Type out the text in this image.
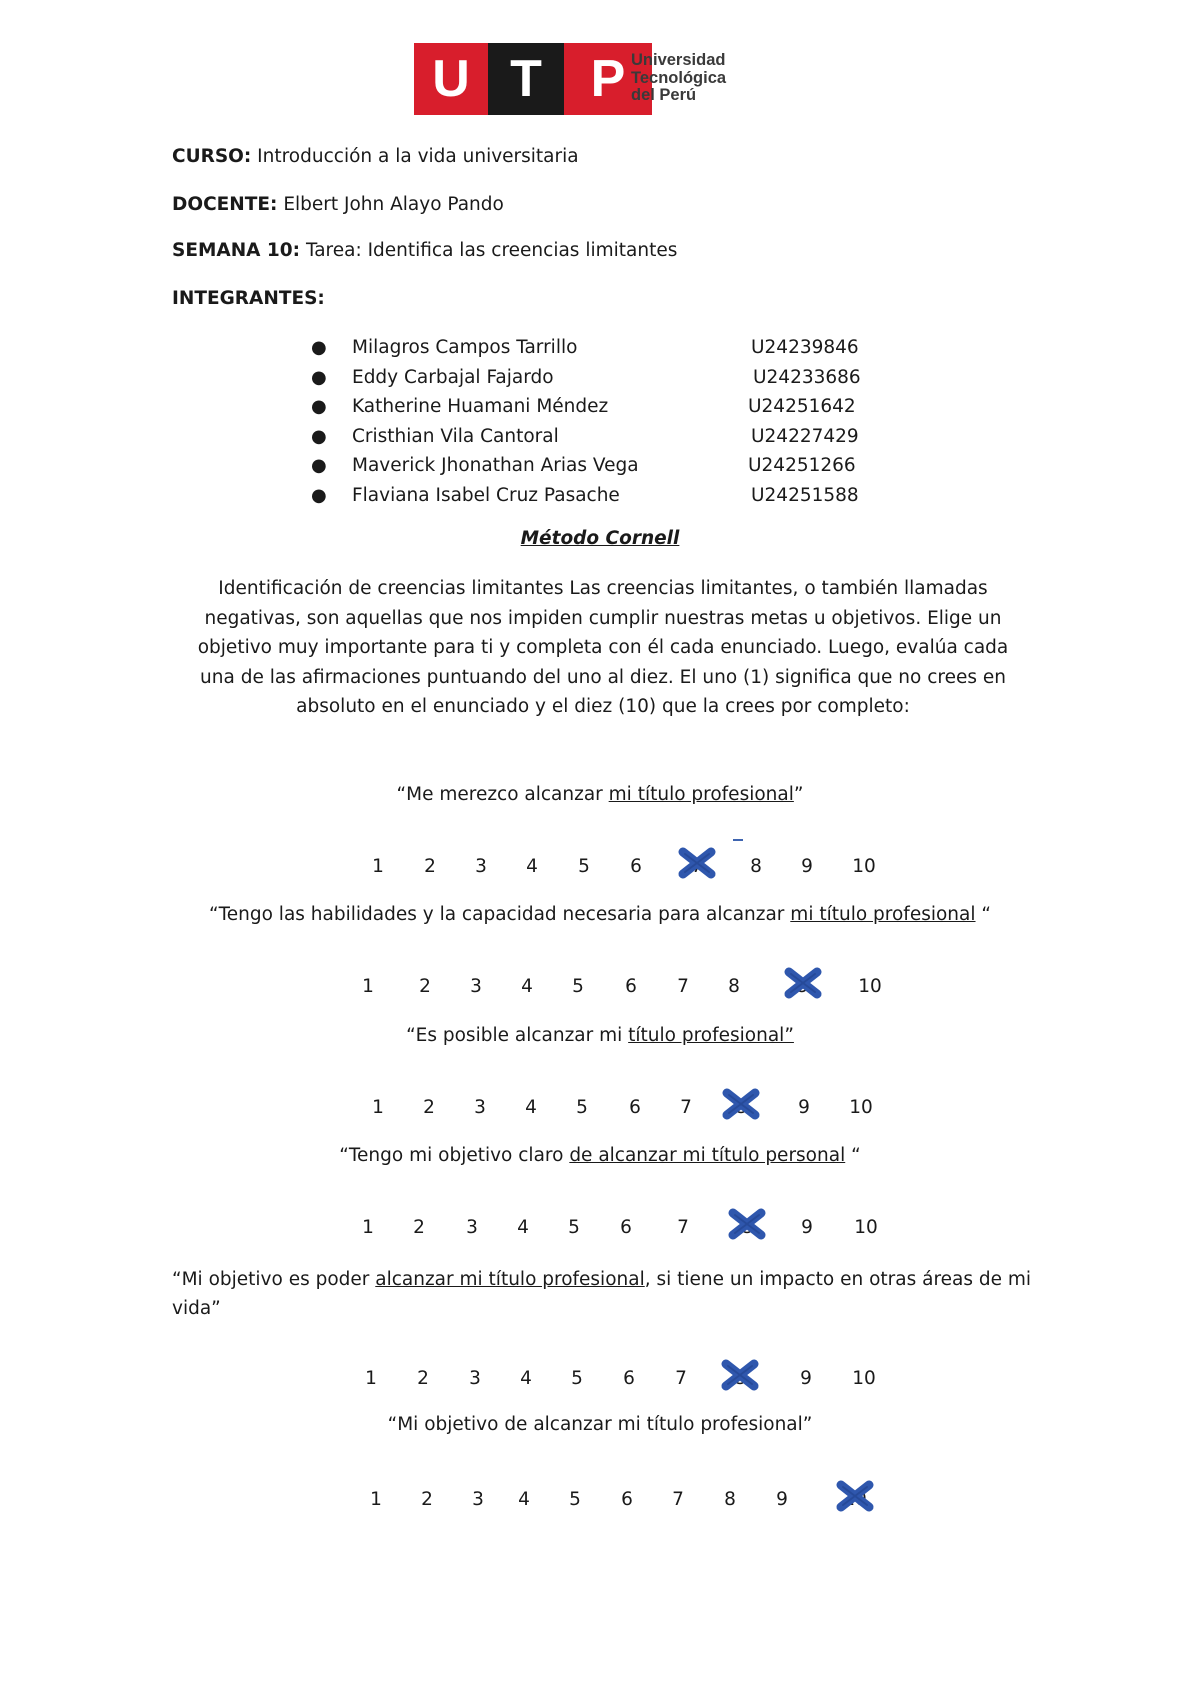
U T P Universidad
Tecnológica
del Perú
CURSO: Introducción a la vida universitaria
DOCENTE: Elbert John Alayo Pando
SEMANA 10: Tarea: Identifica las creencias limitantes
INTEGRANTES:
● Milagros Campos Tarrillo	U24239846
● Eddy Carbajal Fajardo	U24233686
● Katherine Huamani Méndez	U24251642
● Cristhian Vila Cantoral	U24227429
● Maverick Jhonathan Arias Vega	U24251266
● Flaviana Isabel Cruz Pasache	U24251588
Método Cornell
Identificación de creencias limitantes Las creencias limitantes, o también llamadas negativas, son aquellas que nos impiden cumplir nuestras metas u objetivos. Elige un objetivo muy importante para ti y completa con él cada enunciado. Luego, evalúa cada una de las afirmaciones puntuando del uno al diez. El uno (1) significa que no crees en absoluto en el enunciado y el diez (10) que la crees por completo:
“Me merezco alcanzar mi título profesional”
“Tengo las habilidades y la capacidad necesaria para alcanzar mi título profesional “
“Es posible alcanzar mi título profesional”
“Tengo mi objetivo claro de alcanzar mi título personal “
“Mi objetivo es poder alcanzar mi título profesional, si tiene un impacto en otras áreas de mi vida”
“Mi objetivo de alcanzar mi título profesional”
1 2 3 4 5 6	8 9 10
1 2 3 4 5 6 7 8	10
1 2 3 4 5 6 7	9 10
1 2 3 4 5 6 7	9 10
1 2 3 4 5 6 7	9 10
1 2 3 4 5 6 7 8 9
